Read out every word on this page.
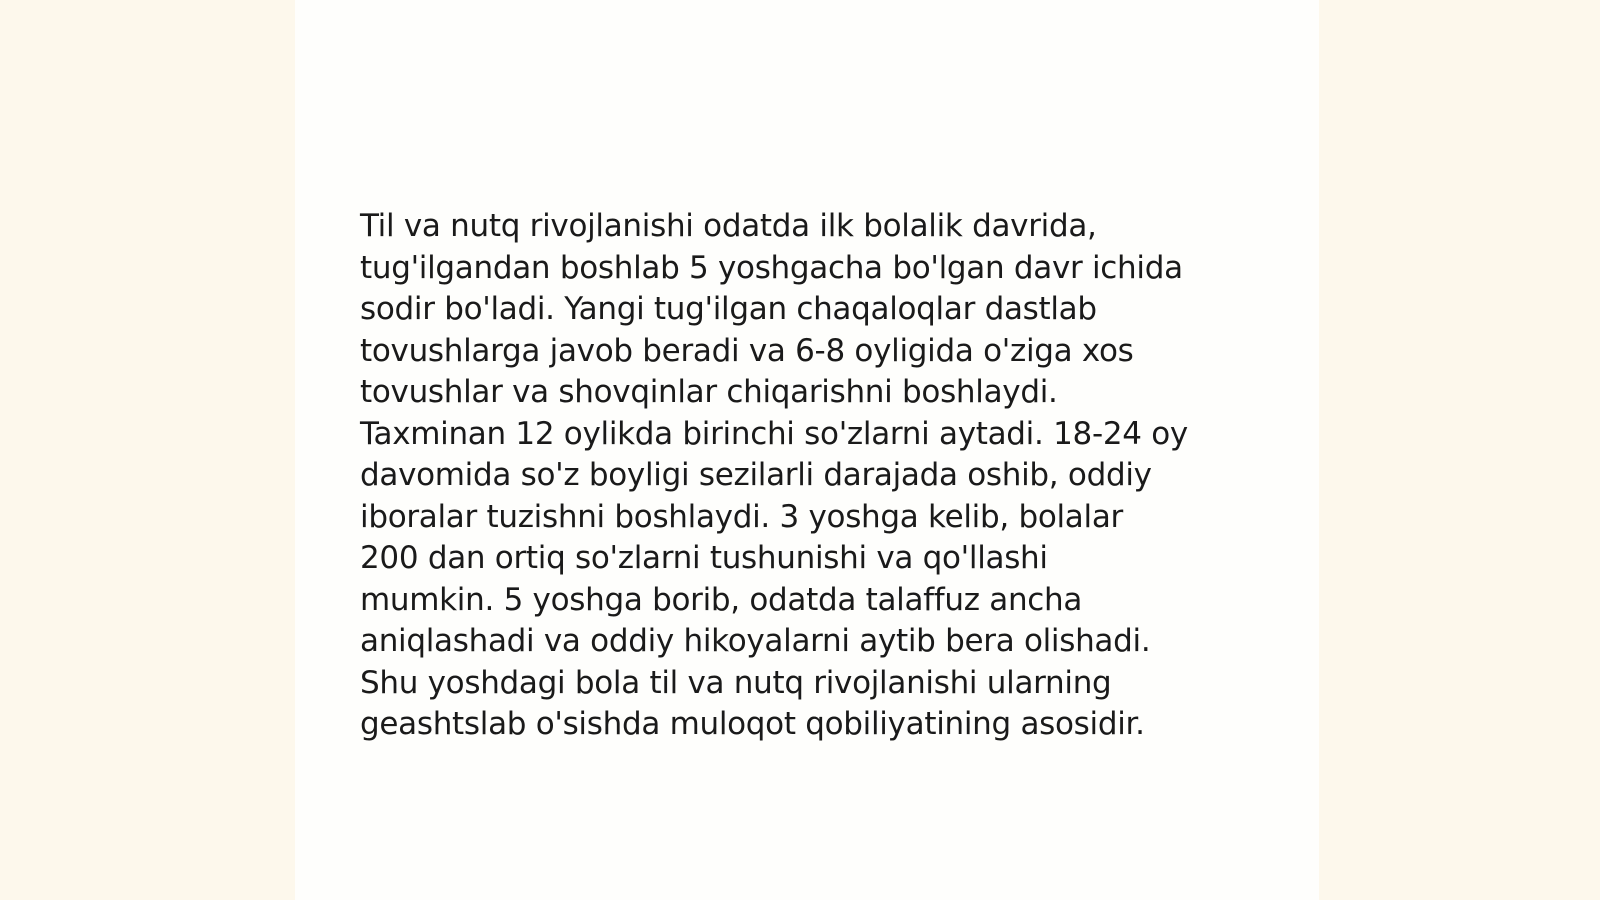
Til va nutq rivojlanishi odatda ilk bolalik davrida,
tug'ilgandan boshlab 5 yoshgacha bo'lgan davr ichida
sodir bo'ladi. Yangi tug'ilgan chaqaloqlar dastlab
tovushlarga javob beradi va 6-8 oyligida o'ziga xos
tovushlar va shovqinlar chiqarishni boshlaydi.
Taxminan 12 oylikda birinchi so'zlarni aytadi. 18-24 oy
davomida so'z boyligi sezilarli darajada oshib, oddiy
iboralar tuzishni boshlaydi. 3 yoshga kelib, bolalar
200 dan ortiq so'zlarni tushunishi va qo'llashi
mumkin. 5 yoshga borib, odatda talaffuz ancha
aniqlashadi va oddiy hikoyalarni aytib bera olishadi.
Shu yoshdagi bola til va nutq rivojlanishi ularning
geashtslab o'sishda muloqot qobiliyatining asosidir.
